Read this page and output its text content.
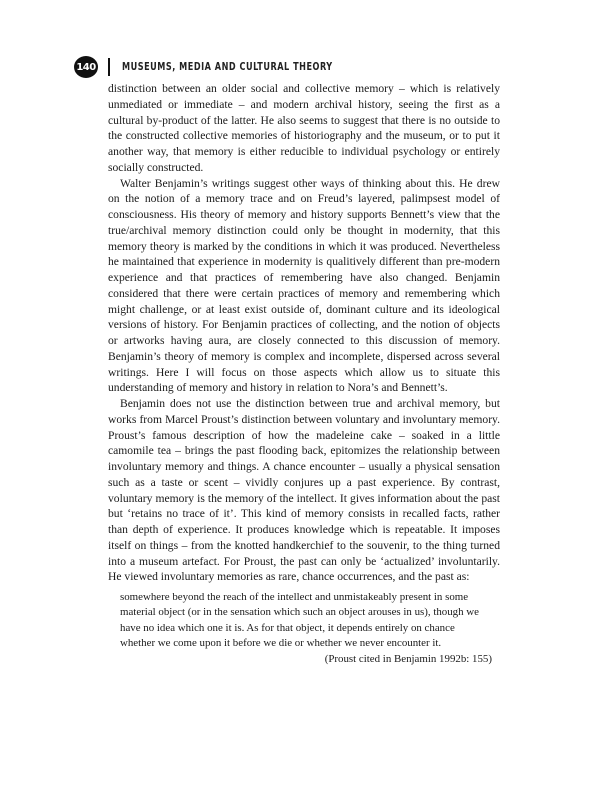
140	MUSEUMS, MEDIA AND CULTURAL THEORY

distinction between an older social and collective memory – which is relatively unmediated or immediate – and modern archival history, seeing the first as a cultural by-product of the latter. He also seems to suggest that there is no outside to the constructed collective memories of historiography and the museum, or to put it another way, that memory is either reducible to individual psychology or entirely socially constructed.

Walter Benjamin’s writings suggest other ways of thinking about this. He drew on the notion of a memory trace and on Freud’s layered, palimpsest model of consciousness. His theory of memory and history supports Bennett’s view that the true/archival memory distinction could only be thought in modernity, that this memory theory is marked by the conditions in which it was produced. Nevertheless he maintained that experience in modernity is qualitively different than pre-modern experience and that practices of remembering have also changed. Benjamin considered that there were certain practices of memory and remembering which might challenge, or at least exist outside of, dominant culture and its ideological versions of history. For Benjamin practices of collecting, and the notion of objects or artworks having aura, are closely connected to this discussion of memory. Benjamin’s theory of memory is complex and incomplete, dispersed across several writings. Here I will focus on those aspects which allow us to situate this understanding of memory and history in relation to Nora’s and Bennett’s.

Benjamin does not use the distinction between true and archival memory, but works from Marcel Proust’s distinction between voluntary and involuntary memory. Proust’s famous description of how the madeleine cake – soaked in a little camomile tea – brings the past flooding back, epitomizes the relationship between involuntary memory and things. A chance encounter – usually a physical sensation such as a taste or scent – vividly conjures up a past experience. By contrast, voluntary memory is the memory of the intellect. It gives information about the past but ‘retains no trace of it’. This kind of memory consists in recalled facts, rather than depth of experience. It produces knowledge which is repeatable. It imposes itself on things – from the knotted handkerchief to the souvenir, to the thing turned into a museum artefact. For Proust, the past can only be ‘actualized’ involuntarily. He viewed involuntary memories as rare, chance occurrences, and the past as:

somewhere beyond the reach of the intellect and unmistakeably present in some material object (or in the sensation which such an object arouses in us), though we have no idea which one it is. As for that object, it depends entirely on chance whether we come upon it before we die or whether we never encounter it.
(Proust cited in Benjamin 1992b: 155)
